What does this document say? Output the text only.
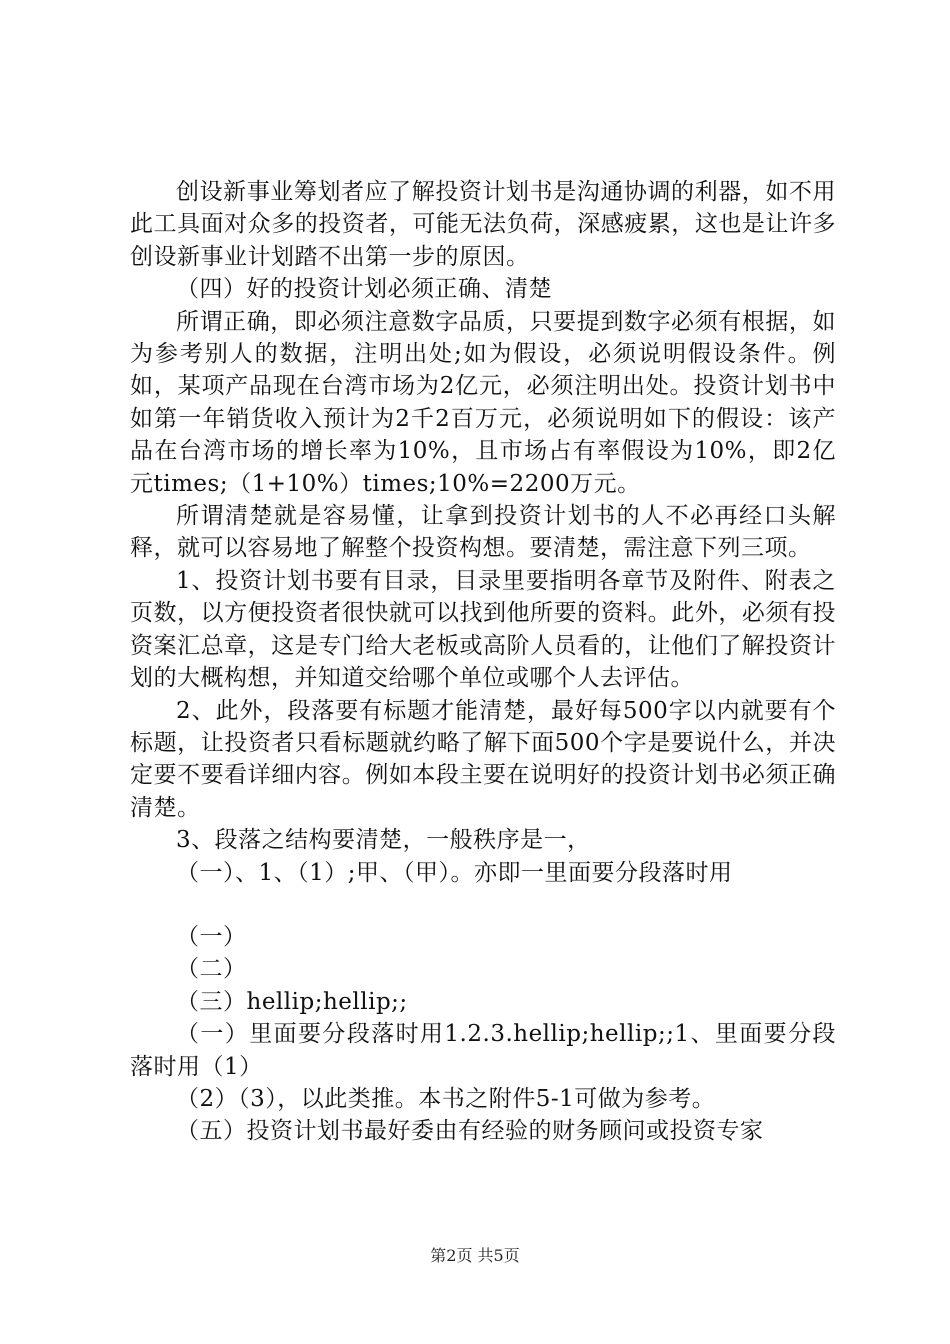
创设新事业筹划者应了解投资计划书是沟通协调的利器，如不用此工具面对众多的投资者，可能无法负荷，深感疲累，这也是让许多创设新事业计划踏不出第一步的原因。

（四）好的投资计划必须正确、清楚

所谓正确，即必须注意数字品质，只要提到数字必须有根据，如为参考别人的数据，注明出处;如为假设，必须说明假设条件。例如，某项产品现在台湾市场为2亿元，必须注明出处。投资计划书中如第一年销货收入预计为2千2百万元，必须说明如下的假设：该产品在台湾市场的增长率为10%，且市场占有率假设为10%，即2亿元times;（1+10%）times;10%=2200万元。

所谓清楚就是容易懂，让拿到投资计划书的人不必再经口头解释，就可以容易地了解整个投资构想。要清楚，需注意下列三项。

1、投资计划书要有目录，目录里要指明各章节及附件、附表之页数，以方便投资者很快就可以找到他所要的资料。此外，必须有投资案汇总章，这是专门给大老板或高阶人员看的，让他们了解投资计划的大概构想，并知道交给哪个单位或哪个人去评估。

2、此外，段落要有标题才能清楚，最好每500字以内就要有个标题，让投资者只看标题就约略了解下面500个字是要说什么，并决定要不要看详细内容。例如本段主要在说明好的投资计划书必须正确清楚。

3、段落之结构要清楚，一般秩序是一，

（一）、1、（1）;甲、（甲）。亦即一里面要分段落时用

（一）

（二）

（三）hellip;hellip;;

（一）里面要分段落时用1.2.3.hellip;hellip;;1、里面要分段落时用（1）

（2）（3），以此类推。本书之附件5-1可做为参考。

（五）投资计划书最好委由有经验的财务顾问或投资专家

第2页 共5页
